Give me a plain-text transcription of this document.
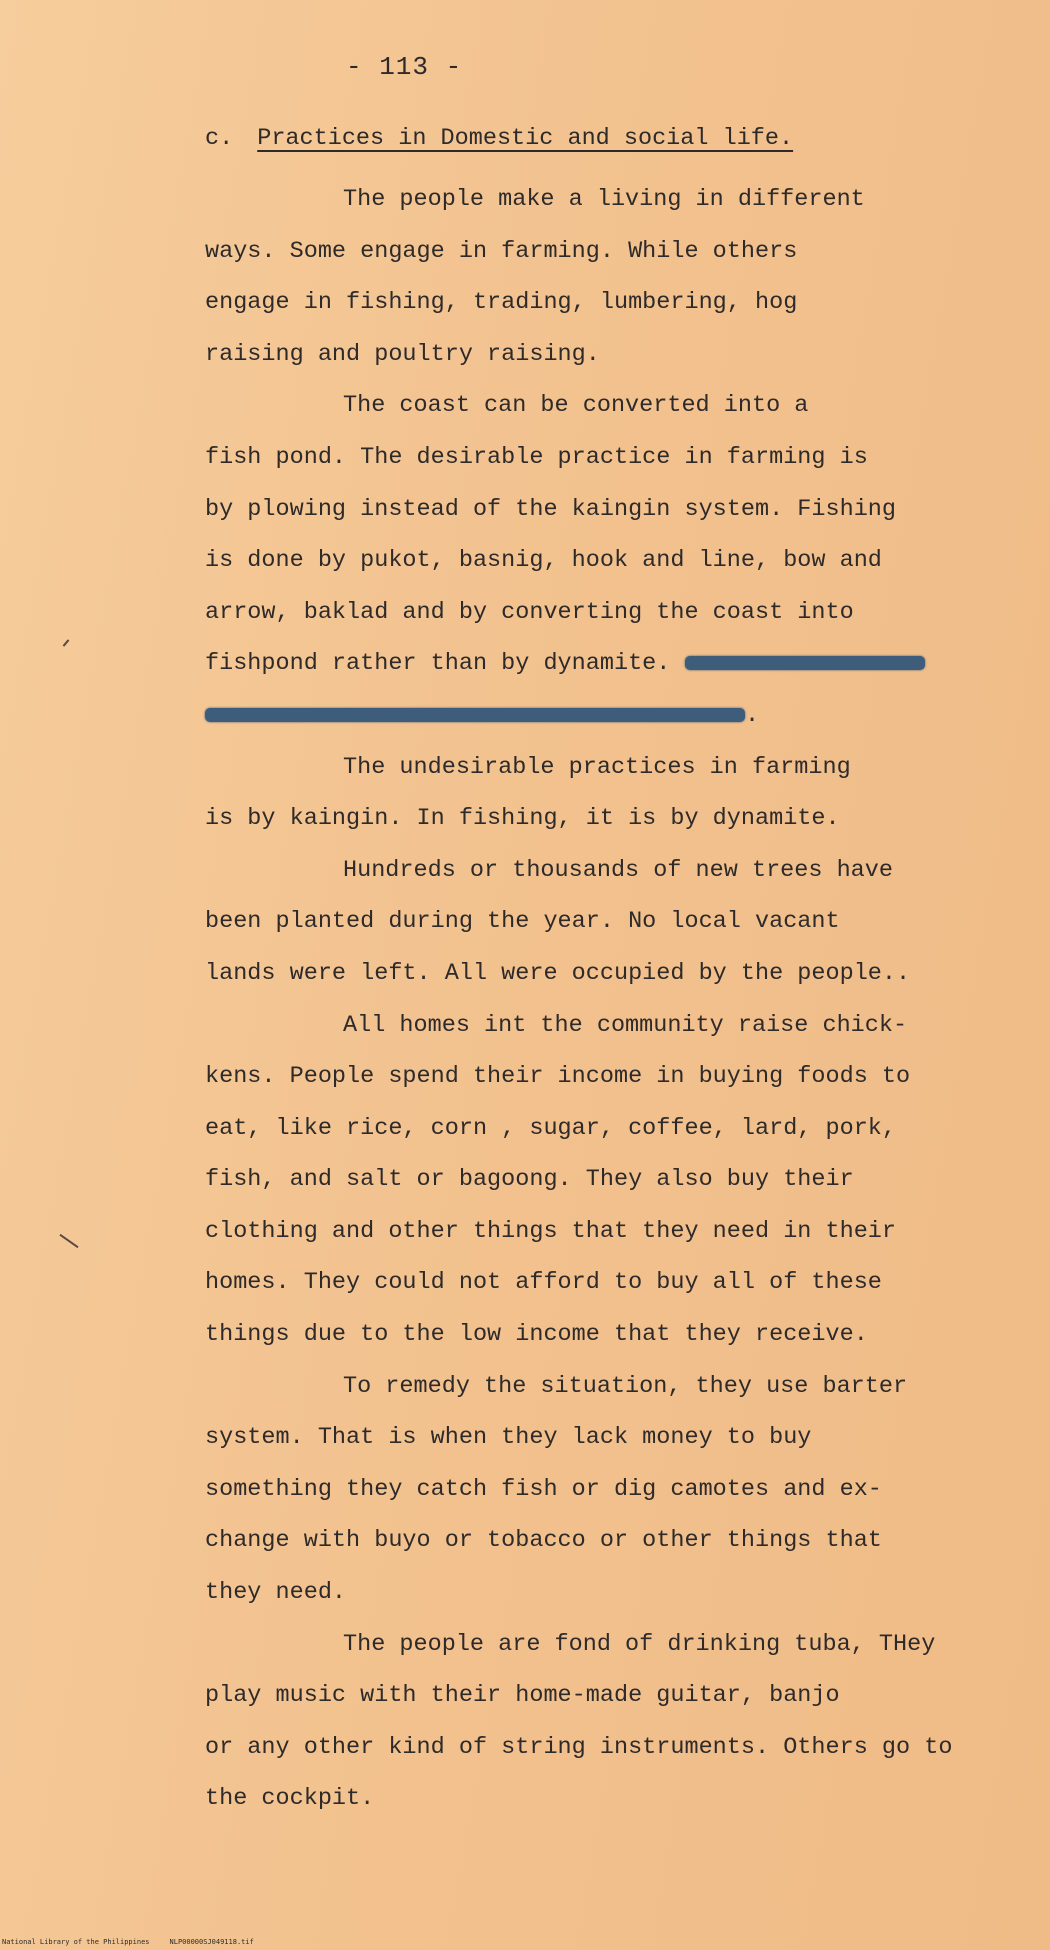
- 113 -
c. Practices in Domestic and social life.

The people make a living in different

ways. Some engage in farming. While others

engage in fishing, trading, lumbering, hog

raising and poultry raising.

The coast can be converted into a

fish pond. The desirable practice in farming is

by plowing instead of the kaingin system. Fishing

is done by pukot, basnig, hook and line, bow and

arrow, baklad and by converting the coast into

fishpond rather than by dynamite.

.

The undesirable practices in farming

is by kaingin. In fishing, it is by dynamite.

Hundreds or thousands of new trees have

been planted during the year. No local vacant

lands were left. All were occupied by the people..

All homes int the community raise chick-

kens. People spend their income in buying foods to

eat, like rice, corn , sugar, coffee, lard, pork,

fish, and salt or bagoong. They also buy their

clothing and other things that they need in their

homes. They could not afford to buy all of these

things due to the low income that they receive.

To remedy the situation, they use barter

system. That is when they lack money to buy

something they catch fish or dig camotes and ex-

change with buyo or tobacco or other things that

they need.

The people are fond of drinking tuba, THey

play music with their home-made guitar, banjo

or any other kind of string instruments. Others go to

the cockpit.

National Library of the Philippines	NLP00000SJ049118.tif
